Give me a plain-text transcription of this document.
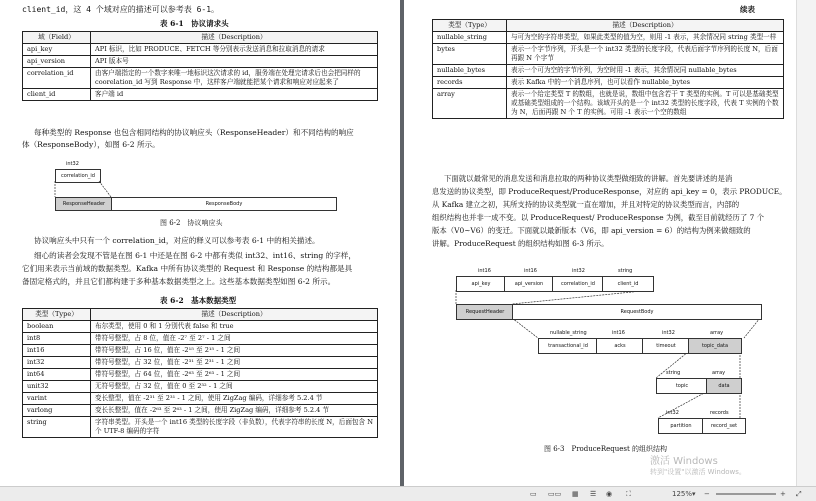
client_id，这 4 个域对应的描述可以参考表 6-1。
表 6-1　协议请求头
域（Field）	描述（Description）
api_key	API 标识，比如 PRODUCE、FETCH 等分别表示发送消息和拉取消息的请求
api_version	API 版本号
correlation_id	由客户端指定的一个数字来唯一地标识这次请求的 id，服务端在处理完请求后也会把同样的 coorelation_id 写到 Response 中，这样客户端就能把某个请求和响应对应起来了
client_id	客户端 id
每种类型的 Response 也包含相同结构的协议响应头（ResponseHeader）和不同结构的响应
体（ResponseBody），如图 6-2 所示。
int32
correlation_id
ResponseHeader	ResponseBody
图 6-2　协议响应头
协议响应头中只有一个 correlation_id，对应的释义可以参考表 6-1 中的相关描述。
细心的读者会发现不管是在图 6-1 中还是在图 6-2 中都有类似 int32、int16、string 的字样，
它们用来表示当前域的数据类型。Kafka 中所有协议类型的 Request 和 Response 的结构都是具
备固定格式的，并且它们都构建于多种基本数据类型之上。这些基本数据类型如图 6-2 所示。
表 6-2　基本数据类型
类型（Type）	描述（Description）
boolean	布尔类型，使用 0 和 1 分别代表 false 和 true
int8	带符号整型，占 8 位，值在 -2⁷ 至 2⁷ - 1 之间
int16	带符号整型，占 16 位，值在 -2¹⁵ 至 2¹⁵ - 1 之间
int32	带符号整型，占 32 位，值在 -2³¹ 至 2³¹ - 1 之间
int64	带符号整型，占 64 位，值在 -2⁶³ 至 2⁶³ - 1 之间
unit32	无符号整型，占 32 位，值在 0 至 2³² - 1 之间
varint	变长整型，值在 -2³¹ 至 2³¹ - 1 之间，使用 ZigZag 编码，详细参考 5.2.4 节
varlong	变长长整型，值在 -2⁶³ 至 2⁶³ - 1 之间，使用 ZigZag 编码，详细参考 5.2.4 节
string	字符串类型。开头是一个 int16 类型的长度字段（非负数），代表字符串的长度 N，后面包含 N 个 UTF-8 编码的字符
续表
类型（Type）	描述（Description）
nullable_string	与可为空的字符串类型，如果此类型的值为空，则用 -1 表示，其余情况同 string 类型一样
bytes	表示一个字节序列，开头是一个 int32 类型的长度字段，代表后面字节序列的长度 N，后面再跟 N 个字节
nullable_bytes	表示一个可为空的字节序列，为空时用 -1 表示，其余情况同 nullable_bytes
records	表示 Kafka 中的一个消息序列，也可以看作 nullable_bytes
array	表示一个给定类型 T 的数组，也就是说，数组中包含若干 T 类型的实例。T 可以是基础类型或基础类型组成的一个结构。该域开头的是一个 int32 类型的长度字段，代表 T 实例的个数为 N，后面再跟 N 个 T 的实例。可用 -1 表示一个空的数组
下面就以最常见的消息发送和消息拉取的两种协议类型做细致的讲解。首先要讲述的是消
息发送的协议类型，即 ProduceRequest/ProduceResponse，对应的 api_key = 0，表示 PRODUCE。
从 Kafka 建立之初，其所支持的协议类型就一直在增加，并且对特定的协议类型而言，内部的
组织结构也并非一成不变。以 ProduceRequest/ ProduceResponse 为例，截至目前就经历了 7 个
版本（V0~V6）的变迁。下面就以最新版本（V6，即 api_version = 6）的结构为例来做细致的
讲解。ProduceRequest 的组织结构如图 6-3 所示。
int16	int16	int32	string
api_key	api_version	correlation_id	client_id
RequestHeader	RequestBody
nullable_string	int16	int32	array
transactional_id	acks	timeout	topic_data
string	array
topic	data
int32	records
partition	record_set
图 6-3　ProduceRequest 的组织结构
激活 Windows
转到"设置"以激活 Windows。
▭ ▭▭ ▦ ☰ ◉ ⛶	125% ▾ −	+ ⤢
